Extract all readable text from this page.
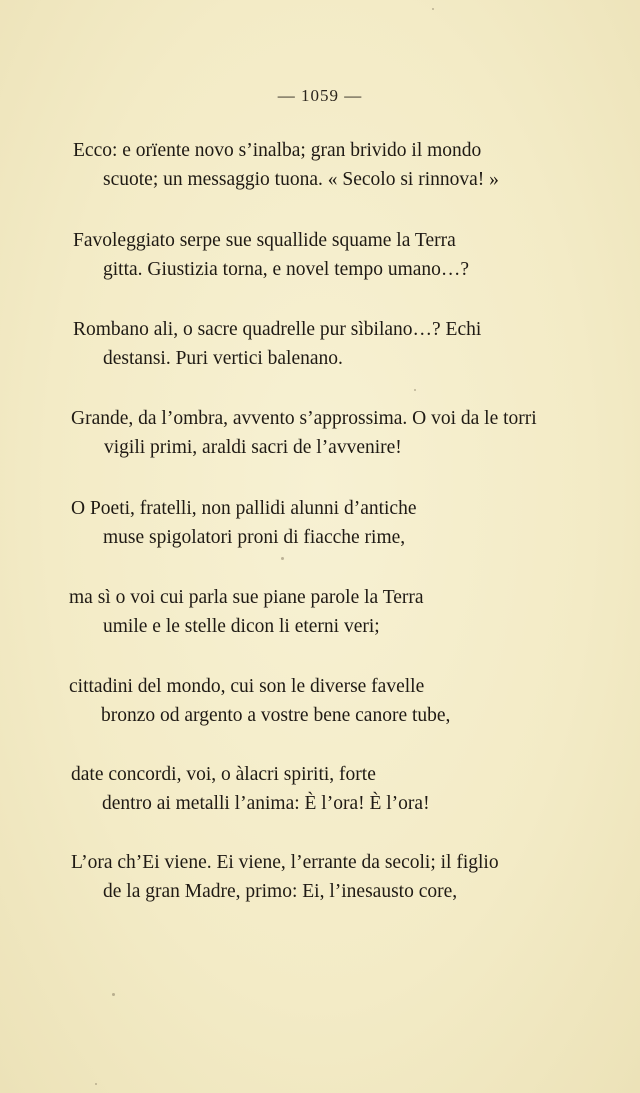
— 1059 —
Ecco: e orïente novo s’inalba; gran brivido il mondo
scuote; un messaggio tuona. « Secolo si rinnova! »
Favoleggiato serpe sue squallide squame la Terra
gitta. Giustizia torna, e novel tempo umano…?
Rombano ali, o sacre quadrelle pur sìbilano…? Echi
destansi. Puri vertici balenano.
Grande, da l’ombra, avvento s’approssima. O voi da le torri
vigili primi, araldi sacri de l’avvenire!
O Poeti, fratelli, non pallidi alunni d’antiche
muse spigolatori proni di fiacche rime,
ma sì o voi cui parla sue piane parole la Terra
umile e le stelle dicon li eterni veri;
cittadini del mondo, cui son le diverse favelle
bronzo od argento a vostre bene canore tube,
date concordi, voi, o àlacri spiriti, forte
dentro ai metalli l’anima: È l’ora! È l’ora!
L’ora ch’Ei viene. Ei viene, l’errante da secoli; il figlio
de la gran Madre, primo: Ei, l’inesausto core,
